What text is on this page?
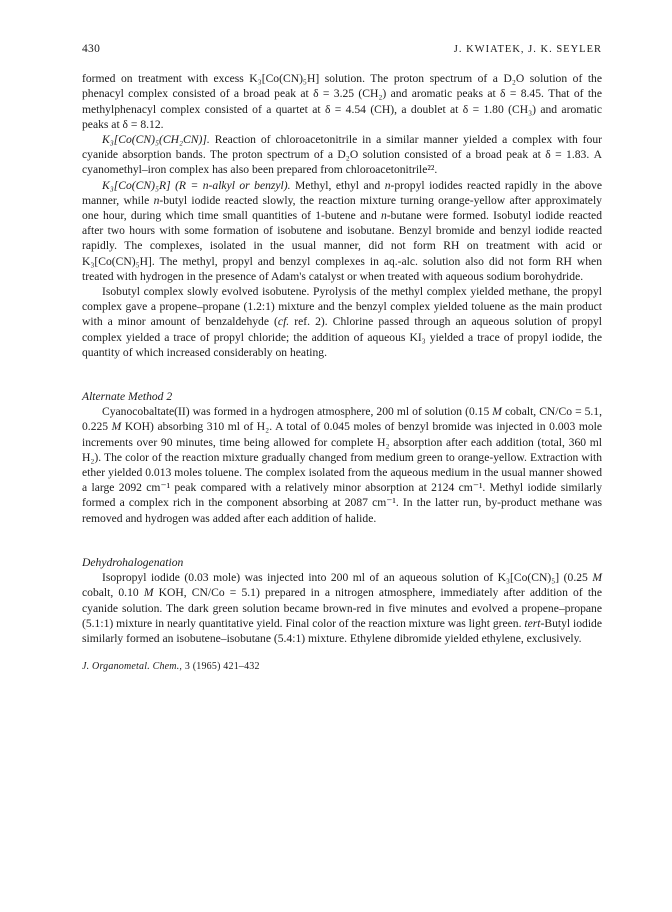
430	J. KWIATEK, J. K. SEYLER

formed on treatment with excess K₃[Co(CN)₅H] solution. The proton spectrum of a D₂O solution of the phenacyl complex consisted of a broad peak at δ = 3.25 (CH₂) and aromatic peaks at δ = 8.45. That of the methylphenacyl complex consisted of a quartet at δ = 4.54 (CH), a doublet at δ = 1.80 (CH₃) and aromatic peaks at δ = 8.12.

K₃[Co(CN)₅(CH₂CN)]. Reaction of chloroacetonitrile in a similar manner yielded a complex with four cyanide absorption bands. The proton spectrum of a D₂O solution consisted of a broad peak at δ = 1.83. A cyanomethyl–iron complex has also been prepared from chloroacetonitrile²².

K₃[Co(CN)₅R] (R = n-alkyl or benzyl). Methyl, ethyl and n-propyl iodides reacted rapidly in the above manner, while n-butyl iodide reacted slowly, the reaction mixture turning orange-yellow after approximately one hour, during which time small quantities of 1-butene and n-butane were formed. Isobutyl iodide reacted after two hours with some formation of isobutene and isobutane. Benzyl bromide and benzyl iodide reacted rapidly. The complexes, isolated in the usual manner, did not form RH on treatment with acid or K₃[Co(CN)₅H]. The methyl, propyl and benzyl complexes in aq.-alc. solution also did not form RH when treated with hydrogen in the presence of Adam's catalyst or when treated with aqueous sodium borohydride.

Isobutyl complex slowly evolved isobutene. Pyrolysis of the methyl complex yielded methane, the propyl complex gave a propene–propane (1.2:1) mixture and the benzyl complex yielded toluene as the main product with a minor amount of benzaldehyde (cf. ref. 2). Chlorine passed through an aqueous solution of propyl complex yielded a trace of propyl chloride; the addition of aqueous KI₃ yielded a trace of propyl iodide, the quantity of which increased considerably on heating.

Alternate Method 2

Cyanocobaltate(II) was formed in a hydrogen atmosphere, 200 ml of solution (0.15 M cobalt, CN/Co = 5.1, 0.225 M KOH) absorbing 310 ml of H₂. A total of 0.045 moles of benzyl bromide was injected in 0.003 mole increments over 90 minutes, time being allowed for complete H₂ absorption after each addition (total, 360 ml H₂). The color of the reaction mixture gradually changed from medium green to orange-yellow. Extraction with ether yielded 0.013 moles toluene. The complex isolated from the aqueous medium in the usual manner showed a large 2092 cm⁻¹ peak compared with a relatively minor absorption at 2124 cm⁻¹. Methyl iodide similarly formed a complex rich in the component absorbing at 2087 cm⁻¹. In the latter run, by-product methane was removed and hydrogen was added after each addition of halide.

Dehydrohalogenation

Isopropyl iodide (0.03 mole) was injected into 200 ml of an aqueous solution of K₃[Co(CN)₅] (0.25 M cobalt, 0.10 M KOH, CN/Co = 5.1) prepared in a nitrogen atmosphere, immediately after addition of the cyanide solution. The dark green solution became brown-red in five minutes and evolved a propene–propane (5.1:1) mixture in nearly quantitative yield. Final color of the reaction mixture was light green. tert-Butyl iodide similarly formed an isobutene–isobutane (5.4:1) mixture. Ethylene dibromide yielded ethylene, exclusively.

J. Organometal. Chem., 3 (1965) 421–432
